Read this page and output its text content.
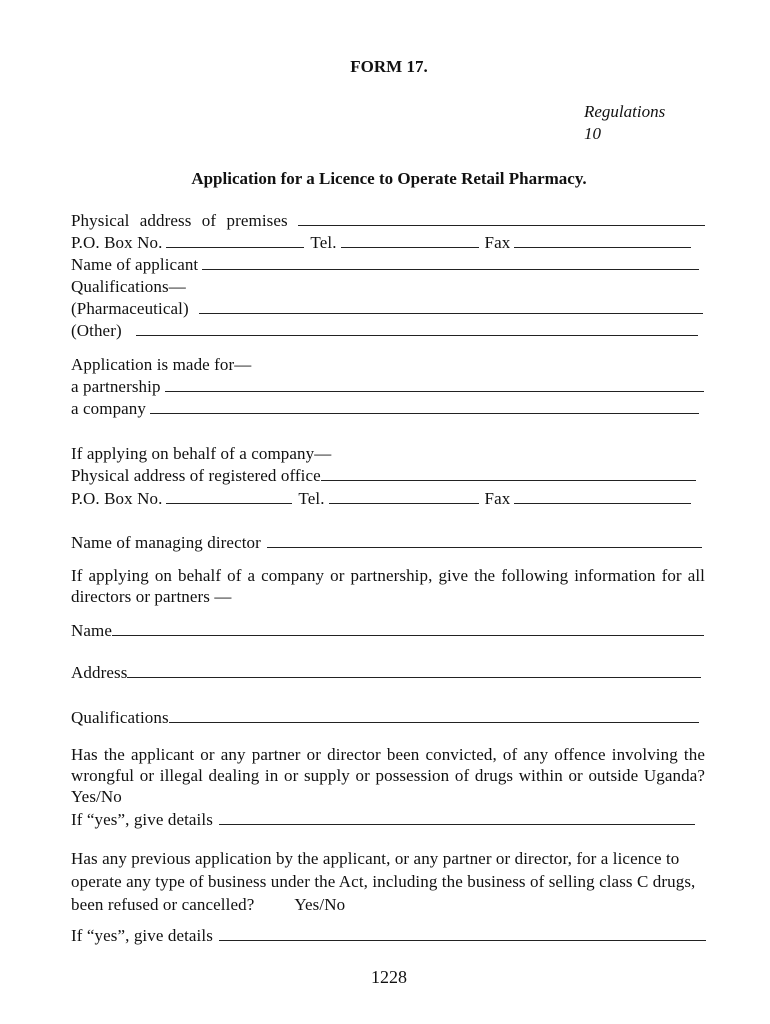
FORM 17.
Regulations
10
Application for a Licence to Operate Retail Pharmacy.
Physical address of premises
P.O. Box No.	Tel.	Fax
Name of applicant
Qualifications—
(Pharmaceutical)
(Other)
Application is made for—
a partnership
a company
If applying on behalf of a company—
Physical address of registered office
P.O. Box No.	Tel.	Fax
Name of managing director
If applying on behalf of a company or partnership, give the following information for all directors or partners —
Name
Address
Qualifications
Has the applicant or any partner or director been convicted, of any offence involving the wrongful or illegal dealing in or supply or possession of drugs within or outside Uganda? Yes/No
If “yes”, give details
Has any previous application by the applicant, or any partner or director, for a licence to operate any type of business under the Act, including the business of selling class C drugs, been refused or cancelled? Yes/No
If “yes”, give details
1228
